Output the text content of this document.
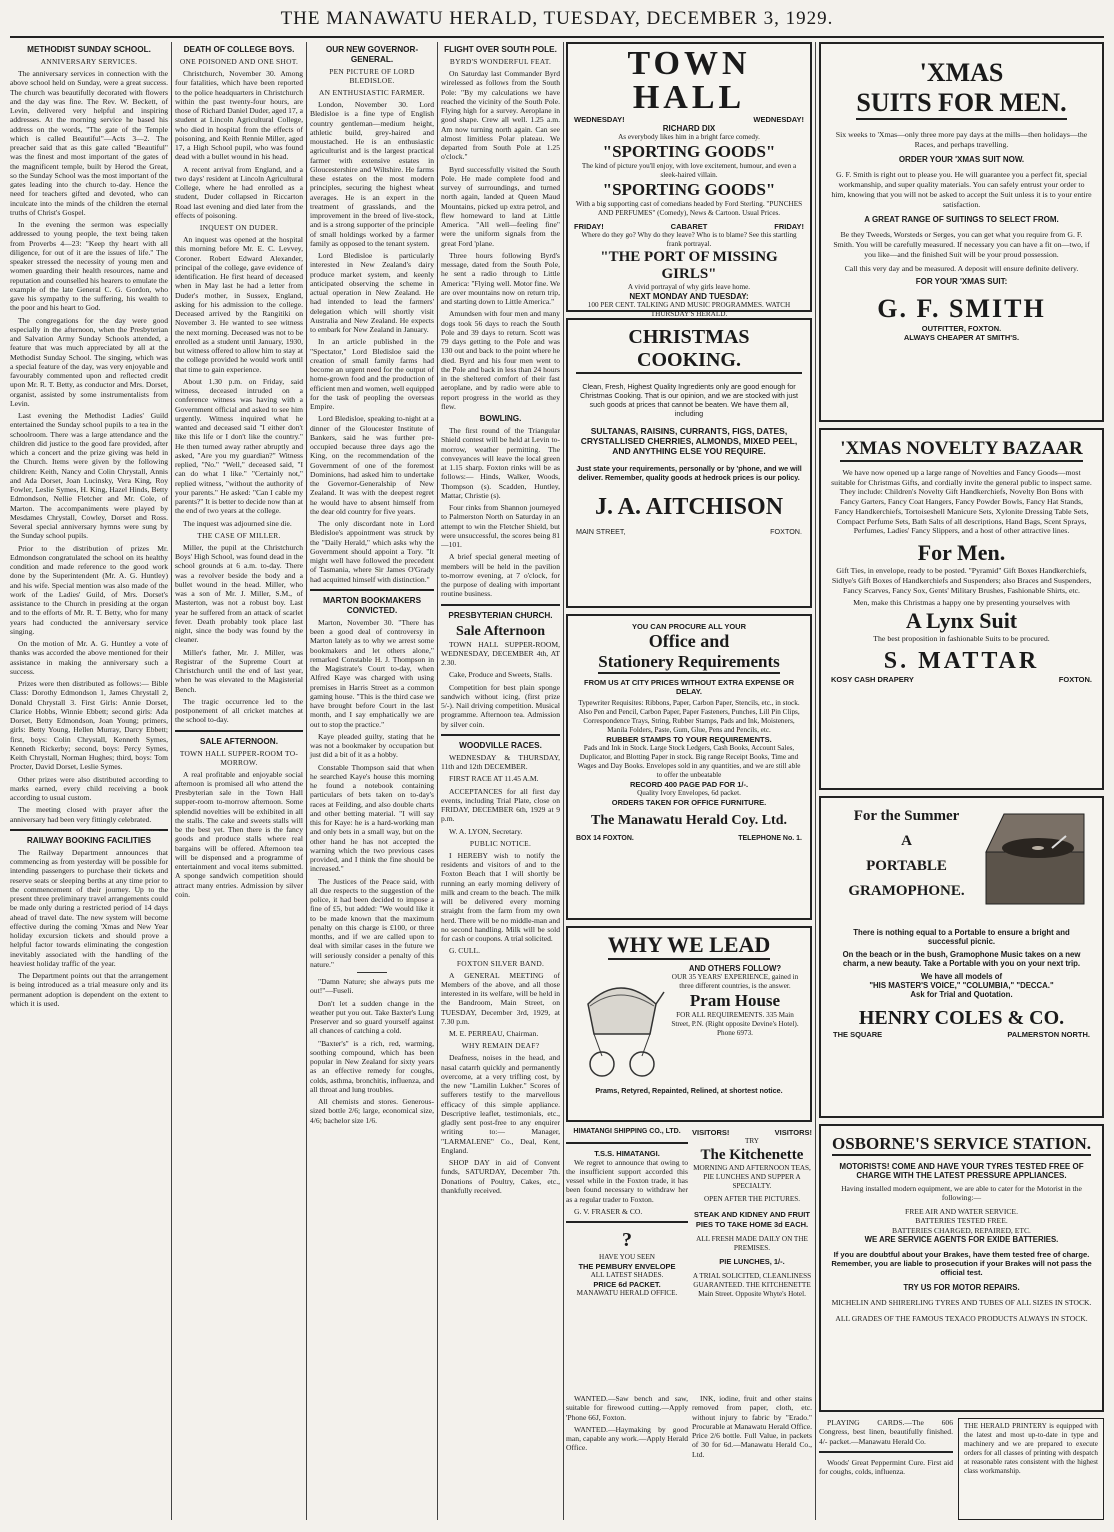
THE MANAWATU HERALD, TUESDAY, DECEMBER 3, 1929.
METHODIST SUNDAY SCHOOL.
ANNIVERSARY SERVICES.

The anniversary services in connection with the above school held on Sunday, were a great success. The church was beautifully decorated with flowers and the day was fine. The Rev. W. Beckett, of Levin, delivered very helpful and inspiring addresses. At the morning service he based his address on the words, "The gate of the Temple which is called Beautiful"—Acts 3—2. The preacher said that as this gate called "Beautiful" was the finest and most important of the gates of the magnificent temple, built by Herod the Great, so the Sunday School was the most important of the gates leading into the church to-day. Hence the need for teachers gifted and devoted, who can inculcate into the minds of the children the eternal truths of Christ's Gospel.

In the evening the sermon was especially addressed to young people, the text being taken from Proverbs 4—23: "Keep thy heart with all diligence, for out of it are the issues of life." The speaker stressed the necessity of young men and women guarding their health resources, name and reputation and counselled his hearers to emulate the example of the late General C. G. Gordon, who gave his sympathy to the suffering, his wealth to the poor and his heart to God.

The congregations for the day were good especially in the afternoon, when the Presbyterian and Salvation Army Sunday Schools attended, a feature that was much appreciated by all at the Methodist Sunday School. The singing, which was a special feature of the day, was very enjoyable and favourably commented upon and reflected credit upon Mr. R. T. Betty, as conductor and Mrs. Dorset, organist, assisted by some instrumentalists from Levin.

Last evening the Methodist Ladies' Guild entertained the Sunday school pupils to a tea in the schoolroom. There was a large attendance and the children did justice to the good fare provided, after which a concert and the prize giving was held in the Church. Items were given by the following children: Keith, Nancy and Colin Chrystall, Annis and Ada Dorset, Joan Lucinsky, Vera King, Roy Fowler, Leslie Symes, H. King, Hazel Hinds, Betty Edmondson, Nellie Fletcher and Mr. Cole, of Marton. The accompaniments were played by Mesdames Chrystall, Cowley, Dorset and Ross. Several special anniversary hymns were sung by the Sunday school pupils.

Prior to the distribution of prizes Mr. Edmondson congratulated the school on its healthy condition and made reference to the good work done by the Superintendent (Mr. A. G. Huntley) and his wife. Special mention was also made of the work of the Ladies' Guild, of Mrs. Dorset's assistance to the Church in presiding at the organ and to the efforts of Mr. R. T. Betty, who for many years had conducted the anniversary service singing.

On the motion of Mr. A. G. Huntley a vote of thanks was accorded the above mentioned for their assistance in making the anniversary such a success.

Prizes were then distributed as follows:— Bible Class: Dorothy Edmondson 1, James Chrystall 2, Donald Chrystall 3. First Girls: Annie Dorset, Clarice Hobbs, Winnie Ebbett; second girls: Ada Dorset, Betty Edmondson, Joan Young; primers, girls: Betty Young, Hellen Murray, Darcy Ebbett; first, boys: Colin Chrystall, Kenneth Symes, Kenneth Rickerby; second, boys: Percy Symes, Keith Chrystall, Norman Hughes; third, boys: Tom Procter, David Dorset, Leslie Symes.

Other prizes were also distributed according to marks earned, every child receiving a book according to usual custom.

The meeting closed with prayer after the anniversary had been very fittingly celebrated.

RAILWAY BOOKING FACILITIES

The Railway Department announces that commencing as from yesterday will be possible for intending passengers to purchase their tickets and reserve seats or sleeping berths at any time prior to the commencement of their journey. Up to the present three preliminary travel arrangements could be made only during a restricted period of 14 days ahead of travel date. The new system will become effective during the coming 'Xmas and New Year holiday excursion tickets and should prove a helpful factor towards eliminating the congestion inevitably associated with the handling of the heaviest holiday traffic of the year.

The Department points out that the arrangement is being introduced as a trial measure only and its permanent adoption is dependent on the extent to which it is used.

DEATH OF COLLEGE BOYS.
ONE POISONED AND ONE SHOT.

Christchurch, November 30. Among four fatalities, which have been reported to the police headquarters in Christchurch within the past twenty-four hours, are those of Richard Daniel Duder, aged 17, a student at Lincoln Agricultural College, who died in hospital from the effects of poisoning, and Keith Rennie Miller, aged 17, a High School pupil, who was found dead with a bullet wound in his head.

A recent arrival from England, and a two days' resident at Lincoln Agricultural College, where he had enrolled as a student, Duder collapsed in Riccarton Road last evening and died later from the effects of poisoning.

INQUEST ON DUDER.

An inquest was opened at the hospital this morning before Mr. E. C. Levvey, Coroner. Robert Edward Alexander, principal of the college, gave evidence of identification. He first heard of deceased when in May last he had a letter from Duder's mother, in Sussex, England, asking for his admission to the college. Deceased arrived by the Rangitiki on November 3. He wanted to see witness the next morning. Deceased was not to be enrolled as a student until January, 1930, but witness offered to allow him to stay at the college provided he would work until that time to gain experience.

About 1.30 p.m. on Friday, said witness, deceased intruded on a conference witness was having with a Government official and asked to see him urgently. Witness inquired what he wanted and deceased said "I either don't like this life or I don't like the country." He then turned away rather abruptly and asked, "Are you my guardian?" Witness replied, "No." "Well," deceased said, "I can do what I like." "Certainly not," replied witness, "without the authority of your parents." He asked: "Can I cable my parents?" It is better to decide now than at the end of two years at the college.

The inquest was adjourned sine die.

THE CASE OF MILLER.

Miller, the pupil at the Christchurch Boys' High School, was found dead in the school grounds at 6 a.m. to-day. There was a revolver beside the body and a bullet wound in the head. Miller, who was a son of Mr. J. Miller, S.M., of Masterton, was not a robust boy. Last year he suffered from an attack of scarlet fever. Death probably took place last night, since the body was found by the cleaner.

Miller's father, Mr. J. Miller, was Registrar of the Supreme Court at Christchurch until the end of last year, when he was elevated to the Magisterial Bench.

The tragic occurrence led to the postponement of all cricket matches at the school to-day.

SALE AFTERNOON.
TOWN HALL SUPPER-ROOM TO-MORROW.

A real profitable and enjoyable social afternoon is promised all who attend the Presbyterian sale in the Town Hall supper-room to-morrow afternoon. Some splendid novelties will be exhibited in all the stalls. The cake and sweets stalls will be the best yet. Then there is the fancy goods and produce stalls where real bargains will be offered. Afternoon tea will be dispensed and a programme of entertainment and vocal items submitted. A sponge sandwich competition should attract many entries. Admission by silver coin.

OUR NEW GOVERNOR-GENERAL.
PEN PICTURE OF LORD BLEDISLOE.
AN ENTHUSIASTIC FARMER.

London, November 30. Lord Bledisloe is a fine type of English country gentleman—medium height, athletic build, grey-haired and moustached. He is an enthusiastic agriculturist and is the largest practical farmer with extensive estates in Gloucestershire and Wiltshire. He farms these estates on the most modern principles, securing the highest wheat averages. He is an expert in the treatment of grasslands, and the improvement in the breed of live-stock, and is a strong supporter of the principle of small holdings worked by a farmer family as opposed to the tenant system.

Lord Bledisloe is particularly interested in New Zealand's dairy produce market system, and keenly anticipated observing the scheme in actual operation in New Zealand. He had intended to lead the farmers' delegation which will shortly visit Australia and New Zealand. He expects to embark for New Zealand in January.

In an article published in the "Spectator," Lord Bledisloe said the creation of small family farms had become an urgent need for the output of home-grown food and the production of efficient men and women, well equipped for the task of peopling the overseas Empire.

Lord Bledisloe, speaking to-night at a dinner of the Gloucester Institute of Bankers, said he was further pre-occupied because three days ago the King, on the recommendation of the Government of one of the foremost Dominions, had asked him to undertake the Governor-Generalship of New Zealand. It was with the deepest regret he would have to absent himself from the dear old country for five years.

The only discordant note in Lord Bledisloe's appointment was struck by the "Daily Herald," which asks why the Government should appoint a Tory. "It might well have followed the precedent of Tasmania, where Sir James O'Grady had acquitted himself with distinction."

MARTON BOOKMAKERS CONVICTED.

Marton, November 30. "There has been a good deal of controversy in Marton lately as to why we arrest some bookmakers and let others alone," remarked Constable H. J. Thompson in the Magistrate's Court to-day, when Alfred Kaye was charged with using premises in Harris Street as a common gaming house. "This is the third case we have brought before Court in the last month, and I say emphatically we are out to stop the practice."

Kaye pleaded guilty, stating that he was not a bookmaker by occupation but just did a bit of it as a hobby.

Constable Thompson said that when he searched Kaye's house this morning he found a notebook containing particulars of bets taken on to-day's races at Feilding, and also double charts and other betting material. "I will say this for Kaye: he is a hard-working man and only bets in a small way, but on the other hand he has not accepted the warning which the two previous cases provided, and I think the fine should be increased."

The Justices of the Peace said, with all due respects to the suggestion of the police, it had been decided to impose a fine of £5, but added: "We would like it to be made known that the maximum penalty on this charge is £100, or three months, and if we are called upon to deal with similar cases in the future we will seriously consider a penalty of this nature."

"Damn Nature; she always puts me out!"—Fuseli.

Don't let a sudden change in the weather put you out. Take Baxter's Lung Preserver and so guard yourself against all chances of catching a cold.

"Baxter's" is a rich, red, warming, soothing compound, which has been popular in New Zealand for sixty years as an effective remedy for coughs, colds, asthma, bronchitis, influenza, and all throat and lung troubles.

All chemists and stores. Generous-sized bottle 2/6; large, economical size, 4/6; bachelor size 1/6.

FLIGHT OVER SOUTH POLE.
BYRD'S WONDERFUL FEAT.

On Saturday last Commander Byrd wirelessed as follows from the South Pole: "By my calculations we have reached the vicinity of the South Pole. Flying high for a survey. Aeroplane in good shape. Crew all well. 1.25 a.m. Am now turning north again. Can see almost limitless Polar plateau. We departed from South Pole at 1.25 o'clock."

Byrd successfully visited the South Pole. He made complete food and survey of surroundings, and turned north again, landed at Queen Maud Mountains, picked up extra petrol, and flew homeward to land at Little America. "All well—feeling fine" were the uniform signals from the great Ford 'plane.

Three hours following Byrd's message, dated from the South Pole, he sent a radio through to Little America: "Flying well. Motor fine. We are over mountains now on return trip, and starting down to Little America."

Amundsen with four men and many dogs took 56 days to reach the South Pole and 39 days to return. Scott was 79 days getting to the Pole and was 130 out and back to the point where he died. Byrd and his four men went to the Pole and back in less than 24 hours in the sheltered comfort of their fast aeroplane, and by radio were able to report progress in the world as they flew.

BOWLING.

The first round of the Triangular Shield contest will be held at Levin to-morrow, weather permitting. The conveyances will leave the local green at 1.15 sharp. Foxton rinks will be as follows:— Hinds, Walker, Woods, Thompson (s). Scadden, Huntley, Mattar, Christie (s).

Four rinks from Shannon journeyed to Palmerston North on Saturday in an attempt to win the Fletcher Shield, but were unsuccessful, the scores being 81—101.

A brief special general meeting of members will be held in the pavilion to-morrow evening, at 7 o'clock, for the purpose of dealing with important routine business.

PRESBYTERIAN CHURCH.
Sale Afternoon

TOWN HALL SUPPER-ROOM, WEDNESDAY, DECEMBER 4th, AT 2.30.

Cake, Produce and Sweets, Stalls.

Competition for best plain sponge sandwich without icing, (first prize 5/-). Nail driving competition. Musical programme. Afternoon tea. Admission by silver coin.

WOODVILLE RACES.

WEDNESDAY & THURSDAY, 11th and 12th DECEMBER.

FIRST RACE AT 11.45 A.M.

ACCEPTANCES for all first day events, including Trial Plate, close on FRIDAY, DECEMBER 6th, 1929 at 9 p.m.

W. A. LYON, Secretary.

PUBLIC NOTICE.

I HEREBY wish to notify the residents and visitors of and to the Foxton Beach that I will shortly be running an early morning delivery of milk and cream to the beach. The milk will be delivered every morning straight from the farm from my own herd. There will be no middle-man and no second handling. Milk will be sold for cash or coupons. A trial solicited.

G. CULL.

FOXTON SILVER BAND.

A GENERAL MEETING of Members of the above, and all those interested in its welfare, will be held in the Bandroom, Main Street, on TUESDAY, December 3rd, 1929, at 7.30 p.m.

M. E. PERREAU, Chairman.

WHY REMAIN DEAF?

Deafness, noises in the head, and nasal catarrh quickly and permanently overcome, at a very trifling cost, by the new "Lamilin Lukher." Scores of sufferers testify to the marvellous efficacy of this simple appliance. Descriptive leaflet, testimonials, etc., gladly sent post-free to any enquirer writing to:— Manager, "LARMALENE" Co., Deal, Kent, England.

SHOP DAY in aid of Convent funds, SATURDAY, December 7th. Donations of Poultry, Cakes, etc., thankfully received.

TOWN HALL
WEDNESDAY!	WEDNESDAY!
RICHARD DIX
As everybody likes him in a bright farce comedy.
"SPORTING GOODS"
The kind of picture you'll enjoy, with love excitement, humour, and even a sleek-haired villain.
"SPORTING GOODS"
With a big supporting cast of comedians headed by Ford Sterling. "PUNCHES AND PERFUMES" (Comedy), News & Cartoon. Usual Prices.
FRIDAY!	CABARET	FRIDAY!
Where do they go? Why do they leave? Who is to blame? See this startling frank portrayal.
"THE PORT OF MISSING GIRLS"
A vivid portrayal of why girls leave home.
NEXT MONDAY AND TUESDAY:
100 PER CENT. TALKING AND MUSIC PROGRAMMES. WATCH THURSDAY'S HERALD.
CHRISTMAS COOKING.
Clean, Fresh, Highest Quality Ingredients only are good enough for Christmas Cooking. That is our opinion, and we are stocked with just such goods at prices that cannot be beaten. We have them all, including
SULTANAS, RAISINS, CURRANTS, FIGS, DATES, CRYSTALLISED CHERRIES, ALMONDS, MIXED PEEL, AND ANYTHING ELSE YOU REQUIRE.
Just state your requirements, personally or by 'phone, and we will deliver. Remember, quality goods at hedrock prices is our policy.
J. A. AITCHISON
MAIN STREET,	FOXTON.
YOU CAN PROCURE ALL YOUR
Office and
Stationery Requirements
FROM US AT CITY PRICES WITHOUT EXTRA EXPENSE OR DELAY.
Typewriter Requisites: Ribbons, Paper, Carbon Paper, Stencils, etc., in stock. Also Pen and Pencil, Carbon Paper, Paper Fasteners, Punches, Lill Pin Clips, Correspondence Trays, String, Rubber Stamps, Pads and Ink, Moisteners, Manila Folders, Paste, Gum, Glue, Pens and Pencils, etc.
RUBBER STAMPS TO YOUR REQUIREMENTS.
Pads and Ink in Stock. Large Stock Ledgers, Cash Books, Account Sales, Duplicator, and Blotting Paper in stock. Big range Receipt Books, Time and Wages and Day Books. Envelopes sold in any quantities, and we are still able to offer the unbeatable
RECORD 400 PAGE PAD FOR 1/-.
Quality Ivory Envelopes, 6d packet.
ORDERS TAKEN FOR OFFICE FURNITURE.
The Manawatu Herald Coy. Ltd.
BOX 14 FOXTON.	TELEPHONE No. 1.
WHY WE LEAD
AND OTHERS FOLLOW?
OUR 35 YEARS' EXPERIENCE, gained in three different countries, is the answer.
Pram House
FOR ALL REQUIREMENTS. 335 Main Street, P.N. (Right opposite Devine's Hotel). Phone 6973.
Prams, Retyred, Repainted, Relined, at shortest notice.
HIMATANGI SHIPPING CO., LTD.
T.S.S. HIMATANGI.

We regret to announce that owing to the insufficient support accorded this vessel while in the Foxton trade, it has been found necessary to withdraw her as a regular trader to Foxton.

G. V. FRASER & CO.

?
HAVE YOU SEEN
THE PEMBURY ENVELOPE
ALL LATEST SHADES.
PRICE 6d PACKET.
MANAWATU HERALD OFFICE.
VISITORS!	VISITORS!
TRY
The Kitchenette
MORNING AND AFTERNOON TEAS, PIE LUNCHES AND SUPPER A SPECIALTY.
OPEN AFTER THE PICTURES.
STEAK AND KIDNEY AND FRUIT PIES TO TAKE HOME 3d EACH.
ALL FRESH MADE DAILY ON THE PREMISES.
PIE LUNCHES, 1/-.
A TRIAL SOLICITED, CLEANLINESS GUARANTEED. THE KITCHENETTE Main Street. Opposite Whyte's Hotel.

WANTED.—Saw bench and saw, suitable for firewood cutting.—Apply 'Phone 66J, Foxton.

WANTED.—Haymaking by good man, capable any work.—Apply Herald Office.

INK, iodine, fruit and other stains removed from paper, cloth, etc. without injury to fabric by "Erado." Procurable at Manawatu Herald Office. Price 2/6 bottle. Full Value, in packets of 30 for 6d.—Manawatu Herald Co., Ltd.

'XMAS
SUITS FOR MEN.
Six weeks to 'Xmas—only three more pay days at the mills—then holidays—the Races, and perhaps travelling.
ORDER YOUR 'XMAS SUIT NOW.
G. F. Smith is right out to please you. He will guarantee you a perfect fit, special workmanship, and super quality materials. You can safely entrust your order to him, knowing that you will not be asked to accept the Suit unless it is to your entire satisfaction.
A GREAT RANGE OF SUITINGS TO SELECT FROM.
Be they Tweeds, Worsteds or Serges, you can get what you require from G. F. Smith. You will be carefully measured. If necessary you can have a fit on—two, if you like—and the finished Suit will be your proud possession.
Call this very day and be measured. A deposit will ensure definite delivery.
FOR YOUR 'XMAS SUIT:
G. F. SMITH
OUTFITTER, FOXTON.
ALWAYS CHEAPER AT SMITH'S.
'XMAS NOVELTY BAZAAR
We have now opened up a large range of Novelties and Fancy Goods—most suitable for Christmas Gifts, and cordially invite the general public to inspect same. They include: Children's Novelty Gift Handkerchiefs, Novelty Bon Bons with Fancy Garters, Fancy Coat Hangers, Fancy Powder Bowls, Fancy Hat Stands, Fancy Handkerchiefs, Tortoiseshell Manicure Sets, Xylonite Dressing Table Sets, Compact Perfume Sets, Bath Salts of all descriptions, Hand Bags, Scent Sprays, Perfumes, Ladies' Fancy Slippers, and a host of other attractive lines.
For Men.
Gift Ties, in envelope, ready to be posted. "Pyramid" Gift Boxes Handkerchiefs, Sidlye's Gift Boxes of Handkerchiefs and Suspenders; also Braces and Suspenders, Fancy Scarves, Fancy Sox, Gents' Military Brushes, Fashionable Shirts, etc.
Men, make this Christmas a happy one by presenting yourselves with
A Lynx Suit
The best proposition in fashionable Suits to be procured.
S. MATTAR
KOSY CASH DRAPERY	FOXTON.
For the Summer
A
PORTABLE
GRAMOPHONE.
There is nothing equal to a Portable to ensure a bright and successful picnic.
On the beach or in the bush, Gramophone Music takes on a new charm, a new beauty. Take a Portable with you on your next trip.
We have all models of
"HIS MASTER'S VOICE," "COLUMBIA," "DECCA."
Ask for Trial and Quotation.
HENRY COLES & CO.
THE SQUARE	PALMERSTON NORTH.
OSBORNE'S SERVICE STATION.
MOTORISTS! COME AND HAVE YOUR TYRES TESTED FREE OF CHARGE WITH THE LATEST PRESSURE APPLIANCES.
Having installed modern equipment, we are able to cater for the Motorist in the following:—
FREE AIR AND WATER SERVICE.
BATTERIES TESTED FREE.
BATTERIES CHARGED, REPAIRED, ETC.
WE ARE SERVICE AGENTS FOR EXIDE BATTERIES.
If you are doubtful about your Brakes, have them tested free of charge. Remember, you are liable to prosecution if your Brakes will not pass the official test.
TRY US FOR MOTOR REPAIRS.
MICHELIN AND SHIRERLING TYRES AND TUBES OF ALL SIZES IN STOCK.
ALL GRADES OF THE FAMOUS TEXACO PRODUCTS ALWAYS IN STOCK.

PLAYING CARDS.—The 606 Congress, best linen, beautifully finished. 4/- packet.—Manawatu Herald Co.

Woods' Great Peppermint Cure. First aid for coughs, colds, influenza.

THE HERALD PRINTERY is equipped with the latest and most up-to-date in type and machinery and we are prepared to execute orders for all classes of printing with despatch at reasonable rates consistent with the highest class workmanship.
